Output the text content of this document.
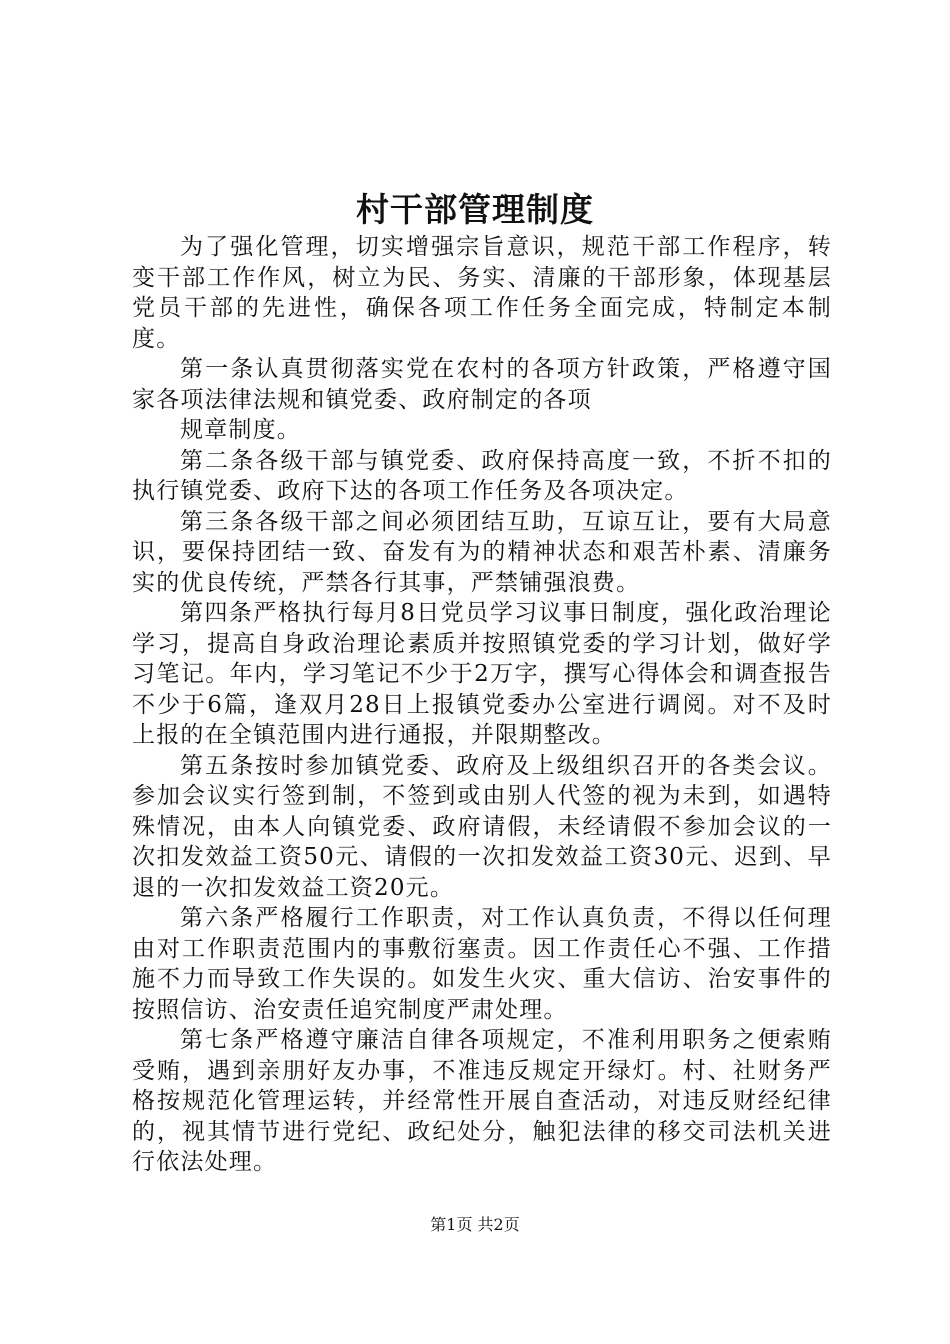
村干部管理制度

为了强化管理，切实增强宗旨意识，规范干部工作程序，转变干部工作作风，树立为民、务实、清廉的干部形象，体现基层党员干部的先进性，确保各项工作任务全面完成，特制定本制度。

第一条认真贯彻落实党在农村的各项方针政策，严格遵守国家各项法律法规和镇党委、政府制定的各项

规章制度。

第二条各级干部与镇党委、政府保持高度一致，不折不扣的执行镇党委、政府下达的各项工作任务及各项决定。

第三条各级干部之间必须团结互助，互谅互让，要有大局意识，要保持团结一致、奋发有为的精神状态和艰苦朴素、清廉务实的优良传统，严禁各行其事，严禁铺强浪费。

第四条严格执行每月8日党员学习议事日制度，强化政治理论学习，提高自身政治理论素质并按照镇党委的学习计划，做好学习笔记。年内，学习笔记不少于2万字，撰写心得体会和调查报告不少于6篇，逢双月28日上报镇党委办公室进行调阅。对不及时上报的在全镇范围内进行通报，并限期整改。

第五条按时参加镇党委、政府及上级组织召开的各类会议。参加会议实行签到制，不签到或由别人代签的视为未到，如遇特殊情况，由本人向镇党委、政府请假，未经请假不参加会议的一次扣发效益工资50元、请假的一次扣发效益工资30元、迟到、早退的一次扣发效益工资20元。

第六条严格履行工作职责，对工作认真负责，不得以任何理由对工作职责范围内的事敷衍塞责。因工作责任心不强、工作措施不力而导致工作失误的。如发生火灾、重大信访、治安事件的按照信访、治安责任追究制度严肃处理。

第七条严格遵守廉洁自律各项规定，不准利用职务之便索贿受贿，遇到亲朋好友办事，不准违反规定开绿灯。村、社财务严格按规范化管理运转，并经常性开展自查活动，对违反财经纪律的，视其情节进行党纪、政纪处分，触犯法律的移交司法机关进行依法处理。

第1页 共2页
